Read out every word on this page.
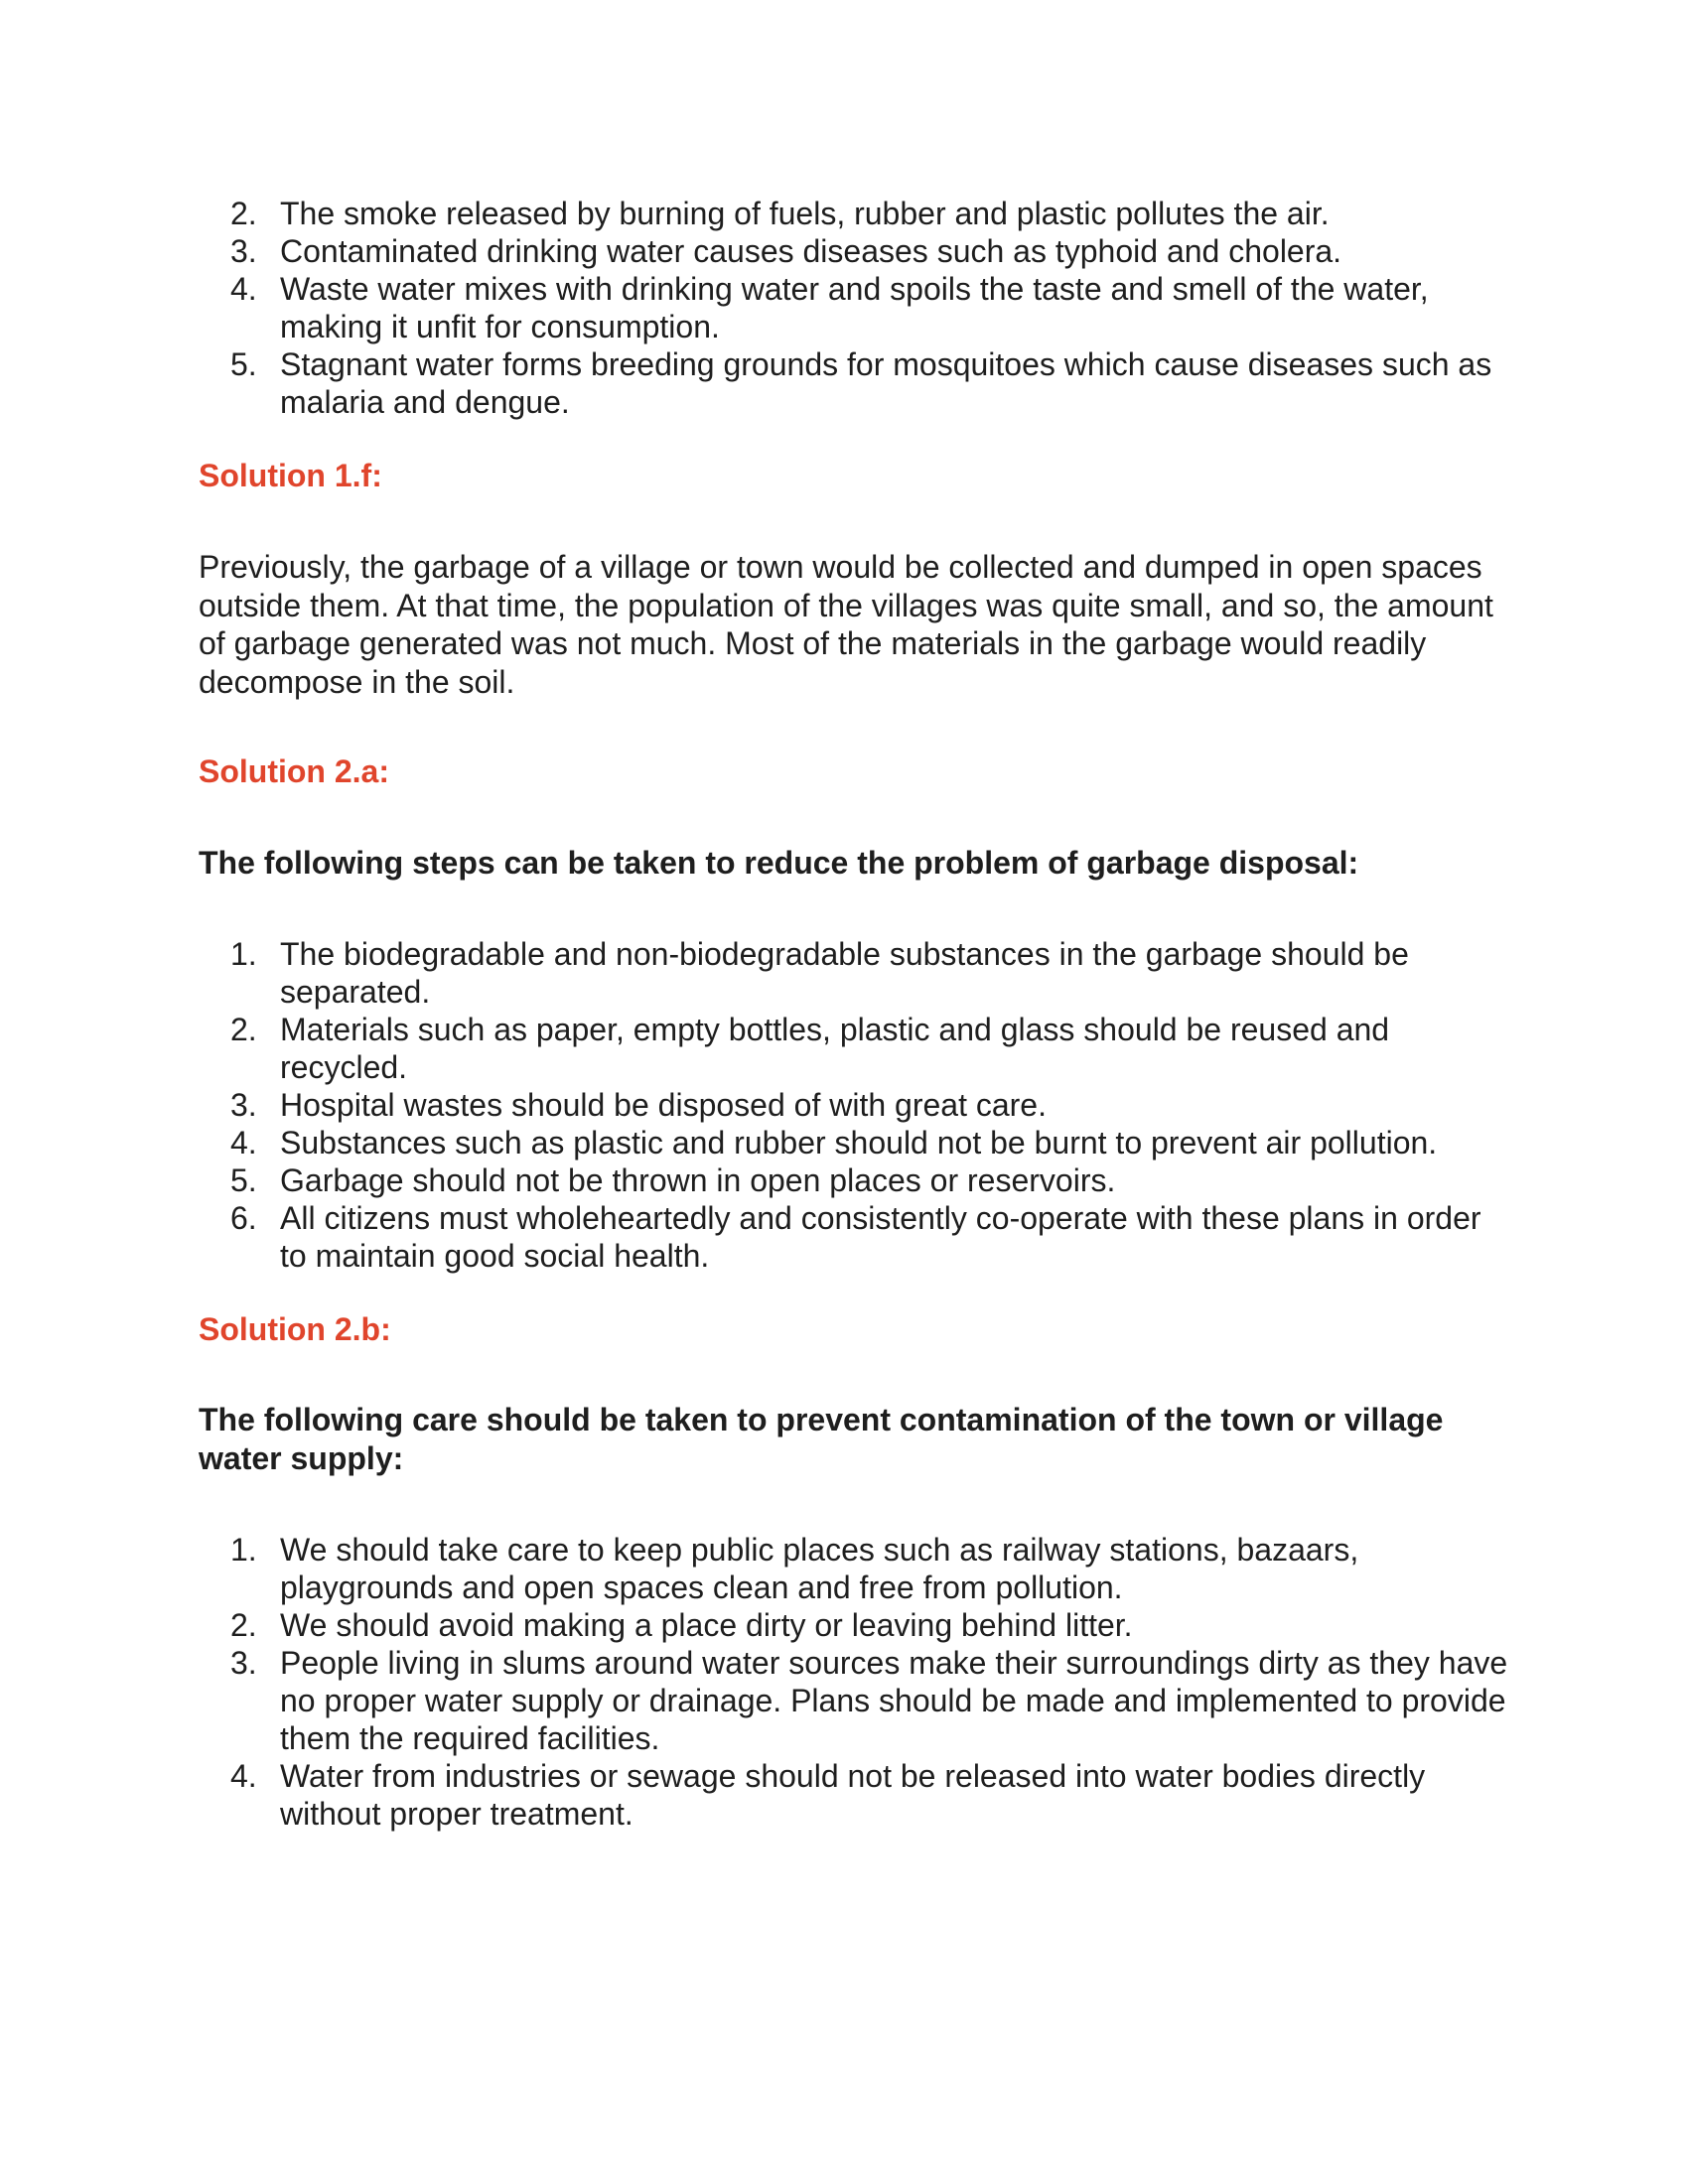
2. The smoke released by burning of fuels, rubber and plastic pollutes the air.
3. Contaminated drinking water causes diseases such as typhoid and cholera.
4. Waste water mixes with drinking water and spoils the taste and smell of the water, making it unfit for consumption.
5. Stagnant water forms breeding grounds for mosquitoes which cause diseases such as malaria and dengue.
Solution 1.f:

Previously, the garbage of a village or town would be collected and dumped in open spaces outside them. At that time, the population of the villages was quite small, and so, the amount of garbage generated was not much. Most of the materials in the garbage would readily decompose in the soil.

Solution 2.a:

The following steps can be taken to reduce the problem of garbage disposal:

1. The biodegradable and non-biodegradable substances in the garbage should be separated.
2. Materials such as paper, empty bottles, plastic and glass should be reused and recycled.
3. Hospital wastes should be disposed of with great care.
4. Substances such as plastic and rubber should not be burnt to prevent air pollution.
5. Garbage should not be thrown in open places or reservoirs.
6. All citizens must wholeheartedly and consistently co-operate with these plans in order to maintain good social health.
Solution 2.b:

The following care should be taken to prevent contamination of the town or village water supply:

1. We should take care to keep public places such as railway stations, bazaars, playgrounds and open spaces clean and free from pollution.
2. We should avoid making a place dirty or leaving behind litter.
3. People living in slums around water sources make their surroundings dirty as they have no proper water supply or drainage. Plans should be made and implemented to provide them the required facilities.
4. Water from industries or sewage should not be released into water bodies directly without proper treatment.
